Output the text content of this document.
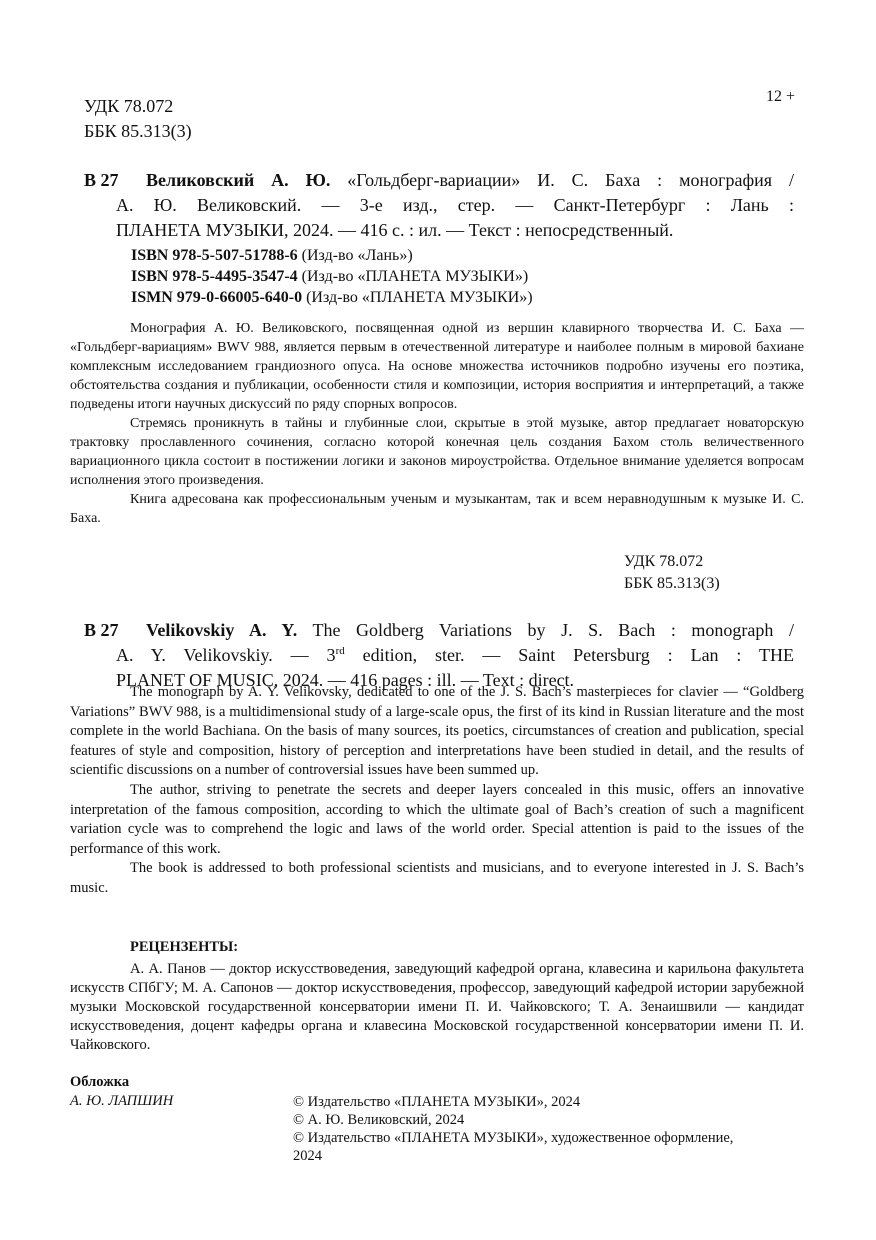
12 +
УДК 78.072
ББК 85.313(3)
В 27 Великовский А. Ю. «Гольдберг-вариации» И. С. Баха : монография /
А. Ю. Великовский. — 3-е изд., стер. — Санкт-Петербург : Лань :
ПЛАНЕТА МУЗЫКИ, 2024. — 416 с. : ил. — Текст : непосредственный.
ISBN 978-5-507-51788-6 (Изд-во «Лань»)
ISBN 978-5-4495-3547-4 (Изд-во «ПЛАНЕТА МУЗЫКИ»)
ISMN 979-0-66005-640-0 (Изд-во «ПЛАНЕТА МУЗЫКИ»)

Монография А. Ю. Великовского, посвященная одной из вершин клавирного творчества И. С. Баха — «Гольдберг-вариациям» BWV 988, является первым в отечественной литературе и наиболее полным в мировой бахиане комплексным исследованием грандиозного опуса. На основе множества источников подробно изучены его поэтика, обстоятельства создания и публикации, особенности стиля и композиции, история восприятия и интерпретаций, а также подведены итоги научных дискуссий по ряду спорных вопросов.

Стремясь проникнуть в тайны и глубинные слои, скрытые в этой музыке, автор предлагает новаторскую трактовку прославленного сочинения, согласно которой конечная цель создания Бахом столь величественного вариационного цикла состоит в постижении логики и законов мироустройства. Отдельное внимание уделяется вопросам исполнения этого произведения.

Книга адресована как профессиональным ученым и музыкантам, так и всем неравнодушным к музыке И. С. Баха.

УДК 78.072
ББК 85.313(3)
В 27 Velikovskiy A. Y. The Goldberg Variations by J. S. Bach : monograph /
A. Y. Velikovskiy. — 3rd edition, ster. — Saint Petersburg : Lan : THE
PLANET OF MUSIC, 2024. — 416 pages : ill. — Text : direct.

The monograph by A. Y. Velikovsky, dedicated to one of the J. S. Bach’s masterpieces for clavier — “Goldberg Variations” BWV 988, is a multidimensional study of a large-scale opus, the first of its kind in Russian literature and the most complete in the world Bachiana. On the basis of many sources, its poetics, circumstances of creation and publication, special features of style and composition, history of perception and interpretations have been studied in detail, and the results of scientific discussions on a number of controversial issues have been summed up.

The author, striving to penetrate the secrets and deeper layers concealed in this music, offers an innovative interpretation of the famous composition, according to which the ultimate goal of Bach’s creation of such a magnificent variation cycle was to comprehend the logic and laws of the world order. Special attention is paid to the issues of the performance of this work.

The book is addressed to both professional scientists and musicians, and to everyone interested in J. S. Bach’s music.

РЕЦЕНЗЕНТЫ:

А. А. Панов — доктор искусствоведения, заведующий кафедрой органа, клавесина и карильона факультета искусств СПбГУ; М. А. Сапонов — доктор искусствоведения, профессор, заведующий кафедрой истории зарубежной музыки Московской государственной консерватории имени П. И. Чайковского; Т. А. Зенаишвили — кандидат искусствоведения, доцент кафедры органа и клавесина Московской государственной консерватории имени П. И. Чайковского.

Обложка
А. Ю. ЛАПШИН	© Издательство «ПЛАНЕТА МУЗЫКИ», 2024
© А. Ю. Великовский, 2024
© Издательство «ПЛАНЕТА МУЗЫКИ», художественное оформление, 2024
